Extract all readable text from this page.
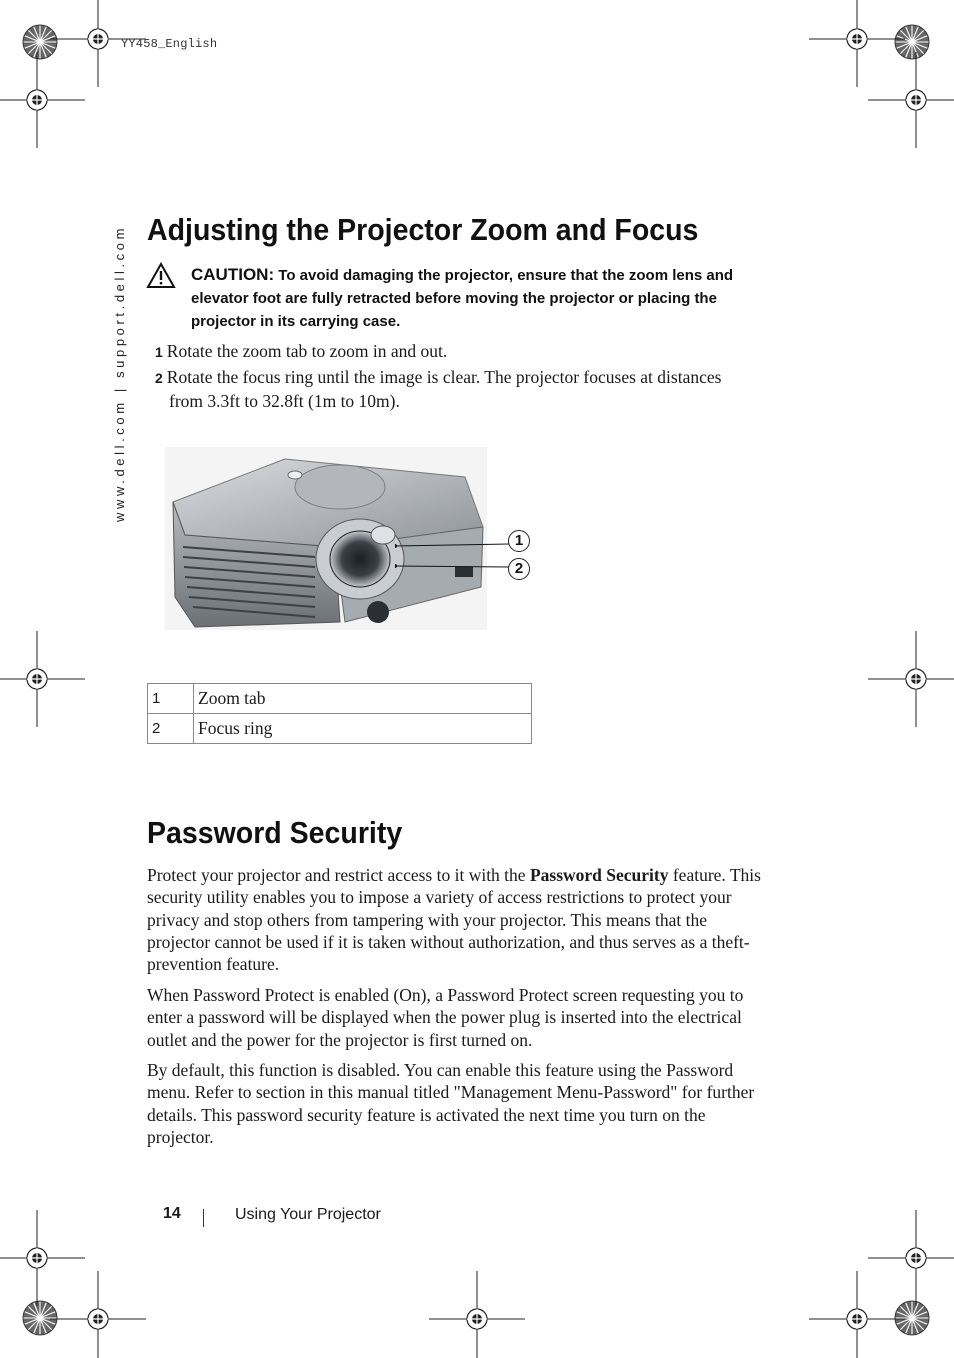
YY458_English
www.dell.com | support.dell.com Adjusting the Projector Zoom and Focus
CAUTION: To avoid damaging the projector, ensure that the zoom lens and elevator foot are fully retracted before moving the projector or placing the projector in its carrying case.
1 Rotate the zoom tab to zoom in and out.
2 Rotate the focus ring until the image is clear. The projector focuses at distances
from 3.3ft to 32.8ft (1m to 10m).
1
2
1	Zoom tab
2	Focus ring
Password Security

Protect your projector and restrict access to it with the Password Security feature. This security utility enables you to impose a variety of access restrictions to protect your privacy and stop others from tampering with your projector. This means that the projector cannot be used if it is taken without authorization, and thus serves as a theft-prevention feature.

When Password Protect is enabled (On), a Password Protect screen requesting you to enter a password will be displayed when the power plug is inserted into the electrical outlet and the power for the projector is first turned on.

By default, this function is disabled. You can enable this feature using the Password menu. Refer to section in this manual titled "Management Menu-Password" for further details. This password security feature is activated the next time you turn on the projector.

14	Using Your Projector
